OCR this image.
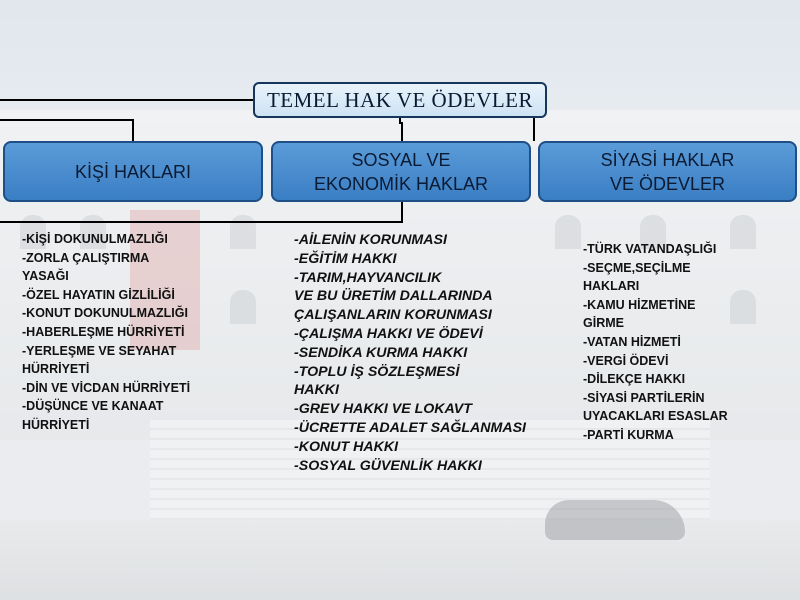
TEMEL HAK VE ÖDEVLER
KİŞİ HAKLARI
SOSYAL VE
EKONOMİK HAKLAR
SİYASİ HAKLAR
VE ÖDEVLER
-KİŞİ DOKUNULMAZLIĞI
-ZORLA ÇALIŞTIRMA
YASAĞI
-ÖZEL HAYATIN GİZLİLİĞİ
-KONUT DOKUNULMAZLIĞI
-HABERLEŞME HÜRRİYETİ
-YERLEŞME VE SEYAHAT
HÜRRİYETİ
-DİN VE VİCDAN HÜRRİYETİ
-DÜŞÜNCE VE KANAAT
HÜRRİYETİ
-AİLENİN KORUNMASI
-EĞİTİM HAKKI
-TARIM,HAYVANCILIK
VE BU ÜRETİM DALLARINDA
ÇALIŞANLARIN KORUNMASI
-ÇALIŞMA HAKKI VE ÖDEVİ
-SENDİKA KURMA HAKKI
-TOPLU İŞ SÖZLEŞMESİ
HAKKI
-GREV HAKKI VE LOKAVT
-ÜCRETTE ADALET SAĞLANMASI
-KONUT HAKKI
-SOSYAL GÜVENLİK HAKKI
-TÜRK VATANDAŞLIĞI
-SEÇME,SEÇİLME
HAKLARI
-KAMU HİZMETİNE
GİRME
-VATAN HİZMETİ
-VERGİ ÖDEVİ
-DİLEKÇE HAKKI
-SİYASİ PARTİLERİN
UYACAKLARI ESASLAR
-PARTİ KURMA
